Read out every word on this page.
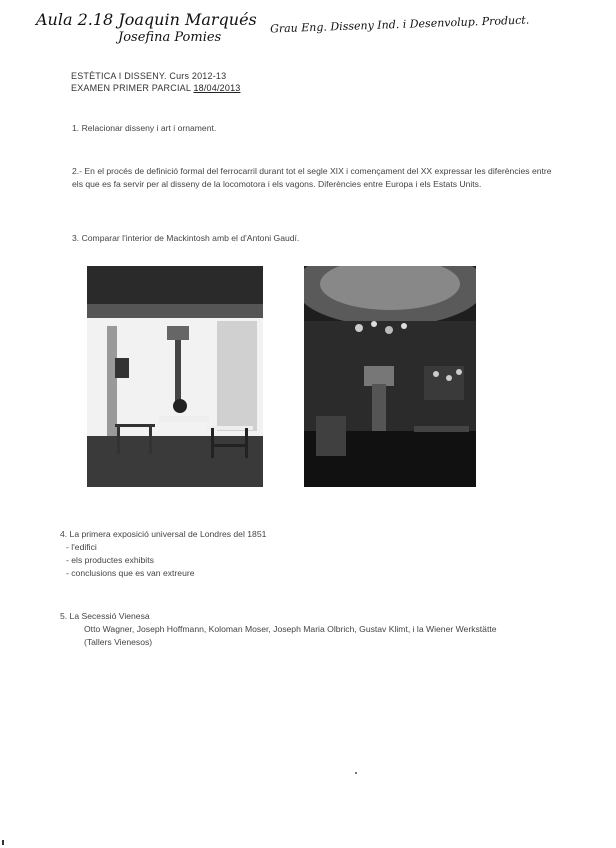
Aula 2.18 Joaquin Marqués
Josefina Pomies
Grau Eng. Disseny Ind. i Desenvolup. Product.
ESTÈTICA I DISSENY. Curs 2012-13
EXAMEN PRIMER PARCIAL 18/04/2013
1. Relacionar disseny i art i ornament.
2.- En el procés de definició formal del ferrocarril durant tot el segle XIX i començament del XX expressar les diferències entre els que es fa servir per al disseny de la locomotora i els vagons. Diferències entre Europa i els Estats Units.
3. Comparar l'interior de Mackintosh amb el d'Antoni Gaudí.
4. La primera exposició universal de Londres del 1851
- l'edifici
- els productes exhibits
- conclusions que es van extreure
5. La Secessió Vienesa
Otto Wagner, Joseph Hoffmann, Koloman Moser, Joseph Maria Olbrich, Gustav Klimt, i la Wiener Werkstätte (Tallers Vienesos)
